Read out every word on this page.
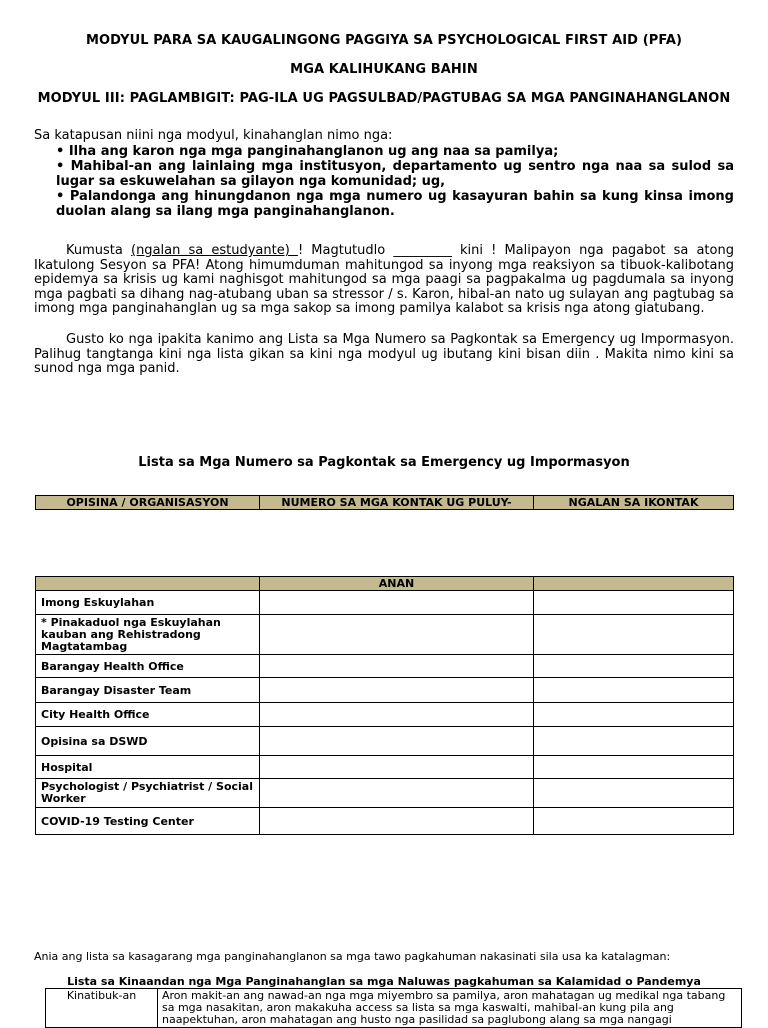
MODYUL PARA SA KAUGALINGONG PAGGIYA SA PSYCHOLOGICAL FIRST AID (PFA)
MGA KALIHUKANG BAHIN
MODYUL III: PAGLAMBIGIT: PAG-ILA UG PAGSULBAD/PAGTUBAG SA MGA PANGINAHANGLANON
Sa katapusan niini nga modyul, kinahanglan nimo nga:
• Ilha ang karon nga mga panginahanglanon ug ang naa sa pamilya;
• Mahibal-an ang lainlaing mga institusyon, departamento ug sentro nga naa sa sulod sa lugar sa eskuwelahan sa gilayon nga komunidad; ug,
• Palandonga ang hinungdanon nga mga numero ug kasayuran bahin sa kung kinsa imong duolan alang sa ilang mga panginahanglanon.
Kumusta (ngalan sa estudyante) ! Magtutudlo _________ kini ! Malipayon nga pagabot sa atong Ikatulong Sesyon sa PFA! Atong himumduman mahitungod sa inyong mga reaksiyon sa tibuok-kalibotang epidemya sa krisis ug kami naghisgot mahitungod sa mga paagi sa pagpakalma ug pagdumala sa inyong mga pagbati sa dihang nag-atubang uban sa stressor / s. Karon, hibal-an nato ug sulayan ang pagtubag sa imong mga panginahanglan ug sa mga sakop sa imong pamilya kalabot sa krisis nga atong giatubang.
Gusto ko nga ipakita kanimo ang Lista sa Mga Numero sa Pagkontak sa Emergency ug Impormasyon. Palihug tangtanga kini nga lista gikan sa kini nga modyul ug ibutang kini bisan diin . Makita nimo kini sa sunod nga mga panid.
Lista sa Mga Numero sa Pagkontak sa Emergency ug Impormasyon
OPISINA / ORGANISASYON	NUMERO SA MGA KONTAK UG PULUY-	NGALAN SA IKONTAK
	ANAN	
Imong Eskuylahan		
* Pinakaduol nga Eskuylahan kauban ang Rehistradong Magtatambag		
Barangay Health Office		
Barangay Disaster Team		
City Health Office		
Opisina sa DSWD		
Hospital		
Psychologist / Psychiatrist / Social Worker		
COVID-19 Testing Center		
Ania ang lista sa kasagarang mga panginahanglanon sa mga tawo pagkahuman nakasinati sila usa ka katalagman:
Lista sa Kinaandan nga Mga Panginahanglan sa mga Naluwas pagkahuman sa Kalamidad o Pandemya
Kinatibuk-an	Aron makit-an ang nawad-an nga mga miyembro sa pamilya, aron mahatagan ug medikal nga tabang sa mga nasakitan, aron makakuha access sa lista sa mga kaswalti, mahibal-an kung pila ang naapektuhan, aron mahatagan ang husto nga pasilidad sa paglubong alang sa mga nangagi
